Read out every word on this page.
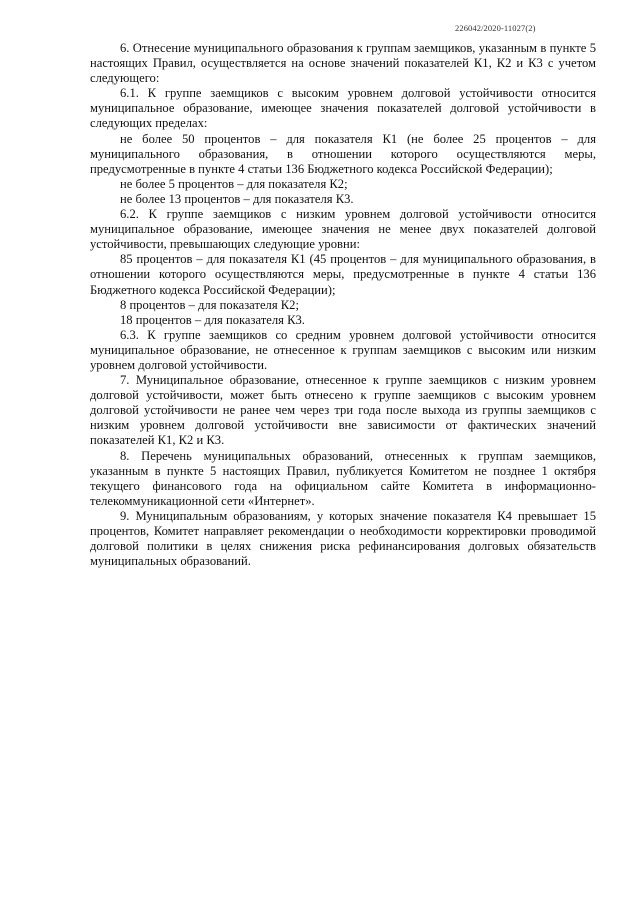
226042/2020-11027(2)

6. Отнесение муниципального образования к группам заемщиков, указанным в пункте 5 настоящих Правил, осуществляется на основе значений показателей К1, К2 и К3 с учетом следующего:

6.1. К группе заемщиков с высоким уровнем долговой устойчивости относится муниципальное образование, имеющее значения показателей долговой устойчивости в следующих пределах:

не более 50 процентов – для показателя К1 (не более 25 процентов – для муниципального образования, в отношении которого осуществляются меры, предусмотренные в пункте 4 статьи 136 Бюджетного кодекса Российской Федерации);

не более 5 процентов – для показателя К2;

не более 13 процентов – для показателя К3.

6.2. К группе заемщиков с низким уровнем долговой устойчивости относится муниципальное образование, имеющее значения не менее двух показателей долговой устойчивости, превышающих следующие уровни:

85 процентов – для показателя К1 (45 процентов – для муниципального образования, в отношении которого осуществляются меры, предусмотренные в пункте 4 статьи 136 Бюджетного кодекса Российской Федерации);

8 процентов – для показателя К2;

18 процентов – для показателя К3.

6.3. К группе заемщиков со средним уровнем долговой устойчивости относится муниципальное образование, не отнесенное к группам заемщиков с высоким или низким уровнем долговой устойчивости.

7. Муниципальное образование, отнесенное к группе заемщиков с низким уровнем долговой устойчивости, может быть отнесено к группе заемщиков с высоким уровнем долговой устойчивости не ранее чем через три года после выхода из группы заемщиков с низким уровнем долговой устойчивости вне зависимости от фактических значений показателей К1, К2 и К3.

8. Перечень муниципальных образований, отнесенных к группам заемщиков, указанным в пункте 5 настоящих Правил, публикуется Комитетом не позднее 1 октября текущего финансового года на официальном сайте Комитета в информационно-телекоммуникационной сети «Интернет».

9. Муниципальным образованиям, у которых значение показателя К4 превышает 15 процентов, Комитет направляет рекомендации о необходимости корректировки проводимой долговой политики в целях снижения риска рефинансирования долговых обязательств муниципальных образований.
